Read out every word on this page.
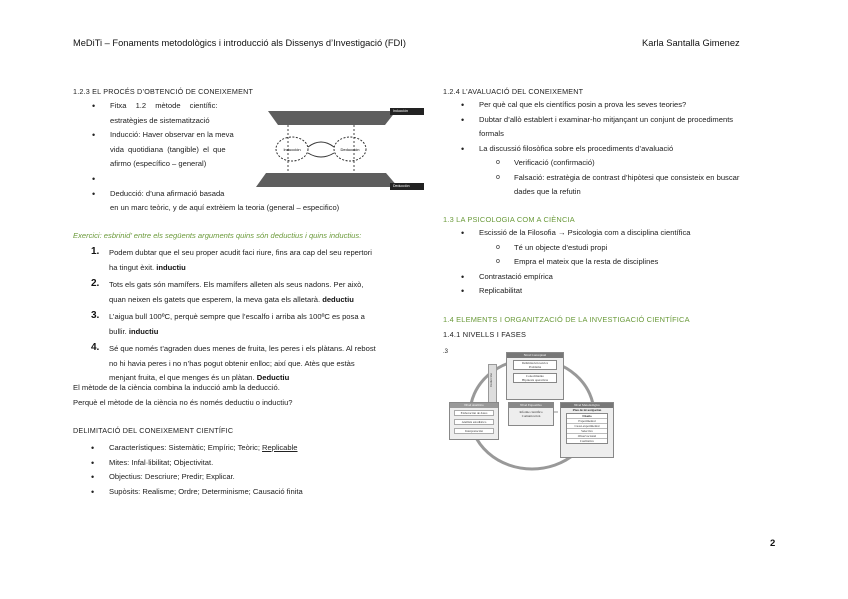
MeDiTi – Fonaments metodològics i introducció als Dissenys d’Investigació (FDI)	Karla Santalla Gimenez
1.2.3 EL PROCÉS D’OBTENCIÓ DE CONEIXEMENT
• Fitxa 1.2 mètode científic:
estratègies de sistematització
• Inducció: Haver observar en la meva
vida quotidiana (tangible) el que
afirmo (específico – general)
•
• Deducció: d’una afirmació basada
en un marc teòric, y de aquí extrèiem la teoria (general – especifico)
Inducción	Deducción
Inducción
Deducción
Exercici: esbrinid’ entre els següents arguments quins són deductius i quins inductius:
1. Podem dubtar que el seu proper acudit faci riure, fins ara cap del seu repertori
ha tingut èxit. inductiu
2. Tots els gats són mamífers. Els mamífers alleten als seus nadons. Per això,
quan neixen els gatets que esperem, la meva gata els alletarà. deductiu
3. L’aigua bull 100ºC, perquè sempre que l’escalfo i arriba als 100ºC es posa a
bullir. inductiu
4. Sé que només t’agraden dues menes de fruita, les peres i els plàtans. Al rebost
no hi havia peres i no n’has pogut obtenir enlloc; així que. Atès que estàs
menjant fruita, el que menges és un plàtan. Deductiu
El mètode de la ciència combina la inducció amb la deducció.
Perquè el mètode de la ciència no és només deductiu o inductiu?
DELIMITACIÓ DEL CONEIXEMENT CIENTÍFIC
• Característiques: Sistemàtic; Empíric; Teòric; Replicable
• Mites: Infal·libilitat; Objectivitat.
• Objectius: Descriure; Predir; Explicar.
• Supòsits: Realisme; Ordre; Determinisme; Causació finita
1.2.4 L’AVALUACIÓ DEL CONEIXEMENT
• Per què cal que els científics posin a prova les seves teories?
• Dubtar d’allò establert i examinar-ho mitjançant un conjunt de procediments
formals
• La discussió filosòfica sobre els procediments d’avaluació
o Verificació (confirmació)
o Falsació: estratègia de contrast d’hipòtesi que consisteix en buscar
dades que la refutin
1.3 LA PSICOLOGIA COM A CIÈNCIA
• Escissió de la Filosofia → Psicologia com a disciplina científica
o Té un objecte d’estudi propi
o Empra el mateix que la resta de disciplines
• Contrastació empírica
• Replicabilitat
1.4 ELEMENTS I ORGANITZACIÓ DE LA INVESTIGACIÓ CIENTÍFICA
1.4.1 NIVELLS I FASES
.3	Nivel Conceptual
Delimitación teórica
Problema
Conocimiento
Hipótesis operativas
Deducción
Nivel Analítico
Elaboración de datos
Análisis estadístico
Interpretación
Nivel Expositivo
Informe científico
Comunicación
Nivel Metodológico
Plan de investigación
Diseño
Experimental
Cuasi-experimental
Selectivo
Observacional
Cualitativo
2
